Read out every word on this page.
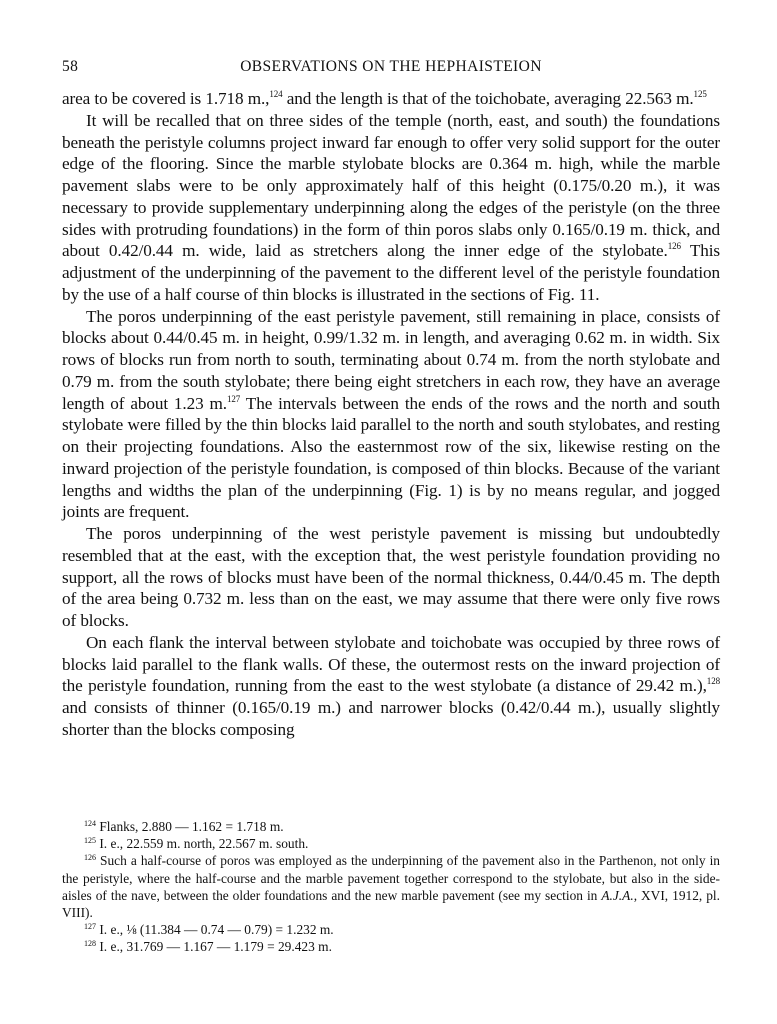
58	OBSERVATIONS ON THE HEPHAISTEION

area to be covered is 1.718 m.,$^{124}$ and the length is that of the toichobate, averaging 22.563 m.$^{125}$

It will be recalled that on three sides of the temple (north, east, and south) the foundations beneath the peristyle columns project inward far enough to offer very solid support for the outer edge of the flooring. Since the marble stylobate blocks are 0.364 m. high, while the marble pavement slabs were to be only approximately half of this height (0.175/0.20 m.), it was necessary to provide supplementary underpinning along the edges of the peristyle (on the three sides with protruding foundations) in the form of thin poros slabs only 0.165/0.19 m. thick, and about 0.42/0.44 m. wide, laid as stretchers along the inner edge of the stylobate.$^{126}$ This adjustment of the underpinning of the pavement to the different level of the peristyle foundation by the use of a half course of thin blocks is illustrated in the sections of Fig. 11.

The poros underpinning of the east peristyle pavement, still remaining in place, consists of blocks about 0.44/0.45 m. in height, 0.99/1.32 m. in length, and averaging 0.62 m. in width. Six rows of blocks run from north to south, terminating about 0.74 m. from the north stylobate and 0.79 m. from the south stylobate; there being eight stretchers in each row, they have an average length of about 1.23 m.$^{127}$ The intervals between the ends of the rows and the north and south stylobate were filled by the thin blocks laid parallel to the north and south stylobates, and resting on their projecting foundations. Also the easternmost row of the six, likewise resting on the inward projection of the peristyle foundation, is composed of thin blocks. Because of the variant lengths and widths the plan of the underpinning (Fig. 1) is by no means regular, and jogged joints are frequent.

The poros underpinning of the west peristyle pavement is missing but undoubtedly resembled that at the east, with the exception that, the west peristyle foundation providing no support, all the rows of blocks must have been of the normal thickness, 0.44/0.45 m. The depth of the area being 0.732 m. less than on the east, we may assume that there were only five rows of blocks.

On each flank the interval between stylobate and toichobate was occupied by three rows of blocks laid parallel to the flank walls. Of these, the outermost rests on the inward projection of the peristyle foundation, running from the east to the west stylobate (a distance of 29.42 m.),$^{128}$ and consists of thinner (0.165/0.19 m.) and narrower blocks (0.42/0.44 m.), usually slightly shorter than the blocks composing

$^{124}$ Flanks, 2.880 — 1.162 = 1.718 m.

$^{125}$ I. e., 22.559 m. north, 22.567 m. south.

$^{126}$ Such a half-course of poros was employed as the underpinning of the pavement also in the Parthenon, not only in the peristyle, where the half-course and the marble pavement together correspond to the stylobate, but also in the side-aisles of the nave, between the older foundations and the new marble pavement (see my section in A.J.A., XVI, 1912, pl. VIII).

$^{127}$ I. e., ⅛ (11.384 — 0.74 — 0.79) = 1.232 m.

$^{128}$ I. e., 31.769 — 1.167 — 1.179 = 29.423 m.
